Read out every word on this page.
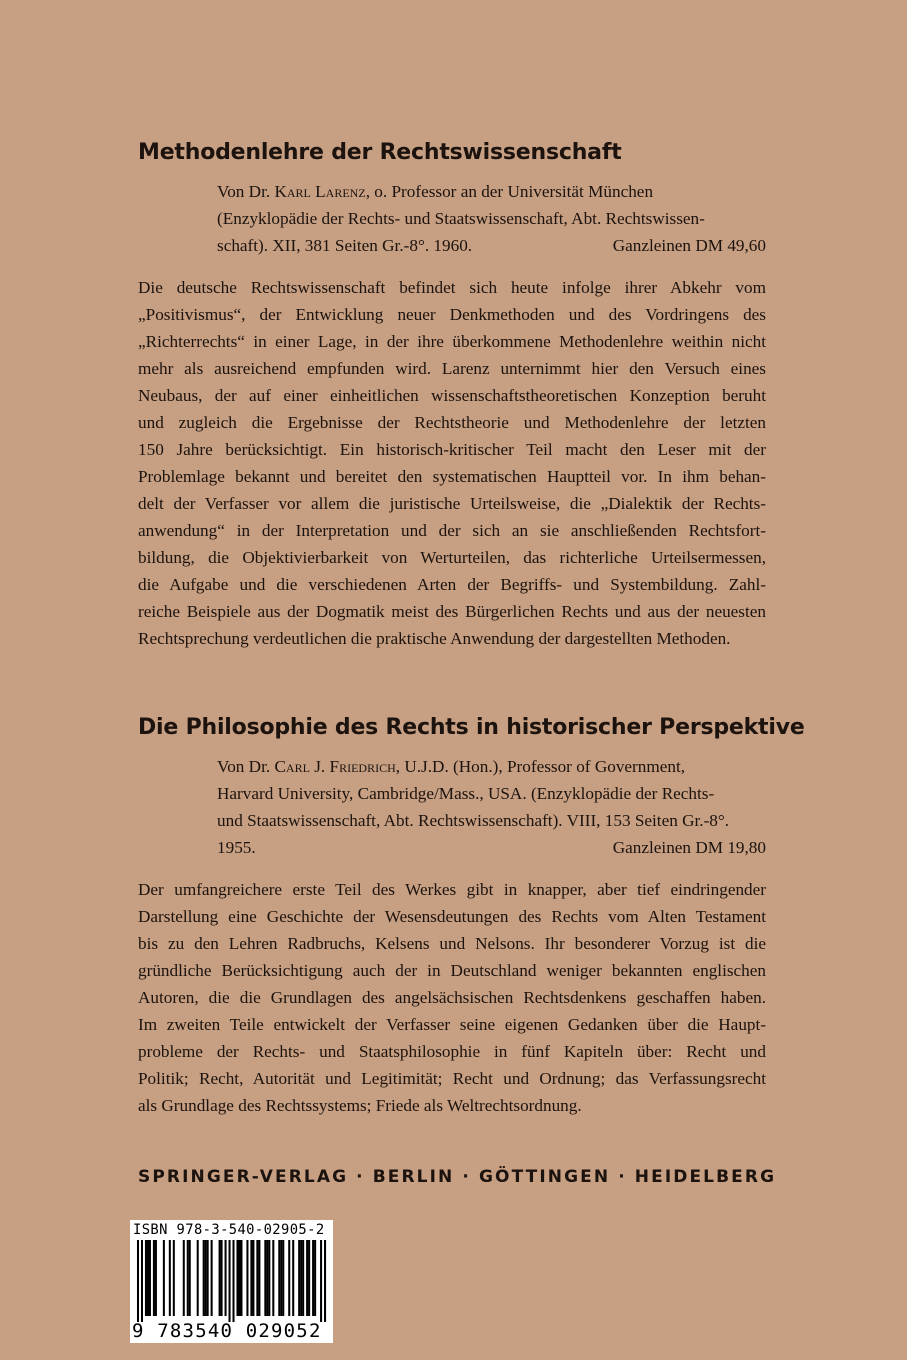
Methodenlehre der Rechtswissenschaft
Von Dr. Karl Larenz, o. Professor an der Universität München
(Enzyklopädie der Rechts- und Staatswissenschaft, Abt. Rechtswissen-
schaft). XII, 381 Seiten Gr.-8°. 1960.	Ganzleinen DM 49,60
Die deutsche Rechtswissenschaft befindet sich heute infolge ihrer Abkehr vom
„Positivismus“, der Entwicklung neuer Denkmethoden und des Vordringens des
„Richterrechts“ in einer Lage, in der ihre überkommene Methodenlehre weithin nicht
mehr als ausreichend empfunden wird. Larenz unternimmt hier den Versuch eines
Neubaus, der auf einer einheitlichen wissenschaftstheoretischen Konzeption beruht
und zugleich die Ergebnisse der Rechtstheorie und Methodenlehre der letzten
150 Jahre berücksichtigt. Ein historisch-kritischer Teil macht den Leser mit der
Problemlage bekannt und bereitet den systematischen Hauptteil vor. In ihm behan-
delt der Verfasser vor allem die juristische Urteilsweise, die „Dialektik der Rechts-
anwendung“ in der Interpretation und der sich an sie anschließenden Rechtsfort-
bildung, die Objektivierbarkeit von Werturteilen, das richterliche Urteilsermessen,
die Aufgabe und die verschiedenen Arten der Begriffs- und Systembildung. Zahl-
reiche Beispiele aus der Dogmatik meist des Bürgerlichen Rechts und aus der neuesten
Rechtsprechung verdeutlichen die praktische Anwendung der dargestellten Methoden.
Die Philosophie des Rechts in historischer Perspektive
Von Dr. Carl J. Friedrich, U.J.D. (Hon.), Professor of Government,
Harvard University, Cambridge/Mass., USA. (Enzyklopädie der Rechts-
und Staatswissenschaft, Abt. Rechtswissenschaft). VIII, 153 Seiten Gr.-8°.
1955.	Ganzleinen DM 19,80
Der umfangreichere erste Teil des Werkes gibt in knapper, aber tief eindringender
Darstellung eine Geschichte der Wesensdeutungen des Rechts vom Alten Testament
bis zu den Lehren Radbruchs, Kelsens und Nelsons. Ihr besonderer Vorzug ist die
gründliche Berücksichtigung auch der in Deutschland weniger bekannten englischen
Autoren, die die Grundlagen des angelsächsischen Rechtsdenkens geschaffen haben.
Im zweiten Teile entwickelt der Verfasser seine eigenen Gedanken über die Haupt-
probleme der Rechts- und Staatsphilosophie in fünf Kapiteln über: Recht und
Politik; Recht, Autorität und Legitimität; Recht und Ordnung; das Verfassungsrecht
als Grundlage des Rechtssystems; Friede als Weltrechtsordnung.
SPRINGER-VERLAG · BERLIN · GÖTTINGEN · HEIDELBERG
ISBN 978-3-540-02905-2
9 783540 029052
